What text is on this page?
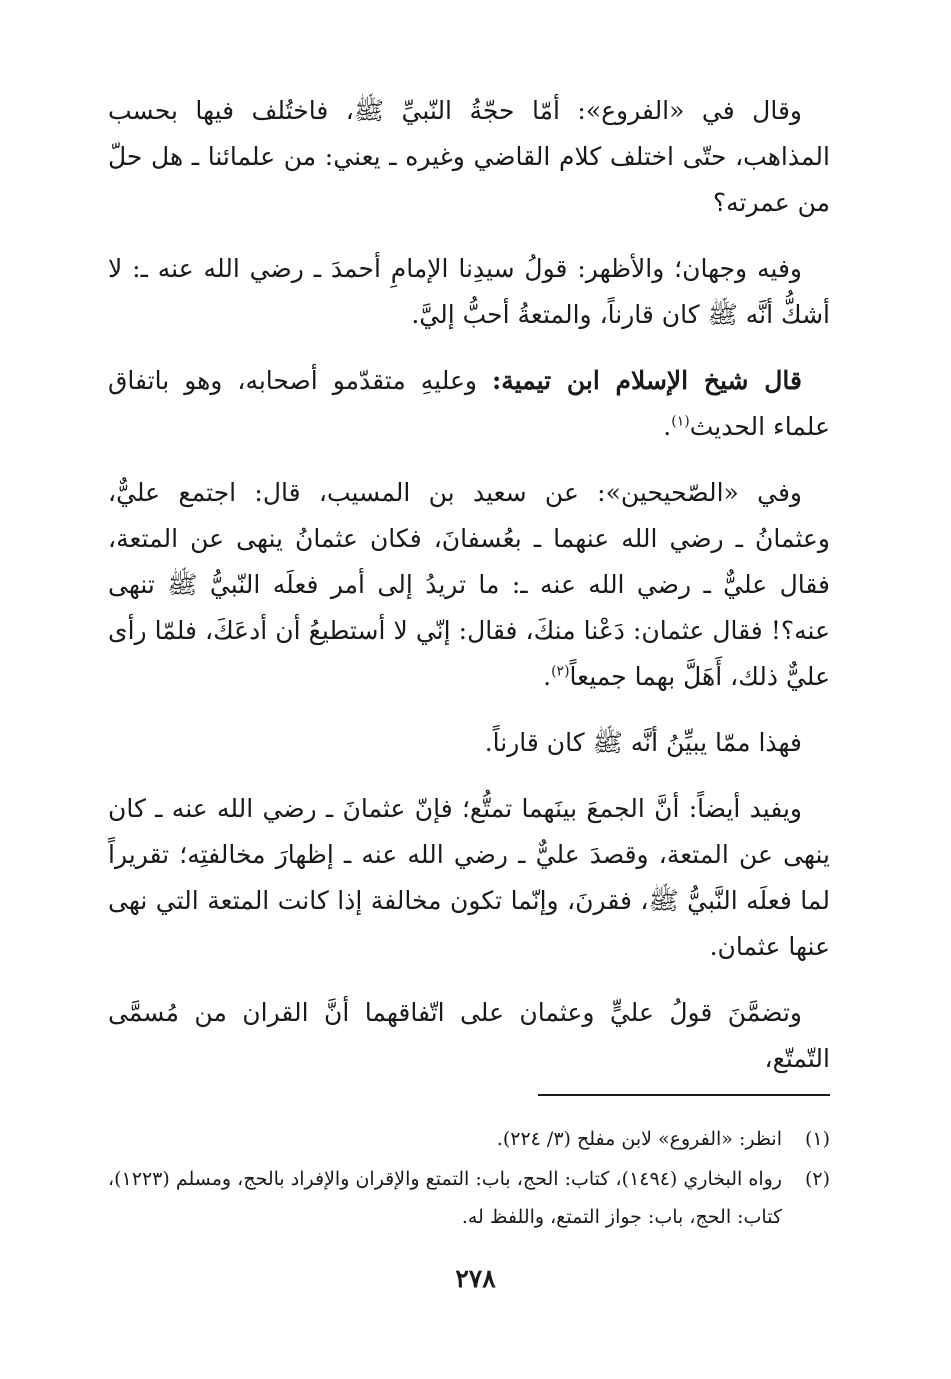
وقال في «الفروع»: أمّا حجّةُ النّبيِّ ﷺ، فاختُلف فيها بحسب المذاهب، حتّى اختلف كلام القاضي وغيره ـ يعني: من علمائنا ـ هل حلّ من عمرته؟

وفيه وجهان؛ والأظهر: قولُ سيدِنا الإمامِ أحمدَ ـ رضي الله عنه ـ: لا أشكُّ أنَّه ﷺ كان قارناً، والمتعةُ أحبُّ إليَّ.

قال شيخ الإسلام ابن تيمية: وعليهِ متقدّمو أصحابه، وهو باتفاق علماء الحديث$^{(١)}$.

وفي «الصّحيحين»: عن سعيد بن المسيب، قال: اجتمع عليٌّ، وعثمانُ ـ رضي الله عنهما ـ بعُسفانَ، فكان عثمانُ ينهى عن المتعة، فقال عليٌّ ـ رضي الله عنه ـ: ما تريدُ إلى أمر فعلَه النّبيُّ ﷺ تنهى عنه؟! فقال عثمان: دَعْنا منكَ، فقال: إنّي لا أستطيعُ أن أدعَكَ، فلمّا رأى عليٌّ ذلك، أَهَلَّ بهما جميعاً$^{(٢)}$.

فهذا ممّا يبيِّنُ أنَّه ﷺ كان قارناً.

ويفيد أيضاً: أنَّ الجمعَ بينَهما تمتُّع؛ فإنّ عثمانَ ـ رضي الله عنه ـ كان ينهى عن المتعة، وقصدَ عليٌّ ـ رضي الله عنه ـ إظهارَ مخالفتِه؛ تقريراً لما فعلَه النَّبيُّ ﷺ، فقرنَ، وإنّما تكون مخالفة إذا كانت المتعة التي نهى عنها عثمان.

وتضمَّنَ قولُ عليٍّ وعثمان على اتّفاقهما أنَّ القران من مُسمَّى التّمتّع،

(١)
انظر: «الفروع» لابن مفلح (٣/ ٢٢٤).
(٢)
رواه البخاري (١٤٩٤)، كتاب: الحج، باب: التمتع والإقران والإفراد بالحج، ومسلم (١٢٢٣)، كتاب: الحج، باب: جواز التمتع، واللفظ له.
٢٧٨
